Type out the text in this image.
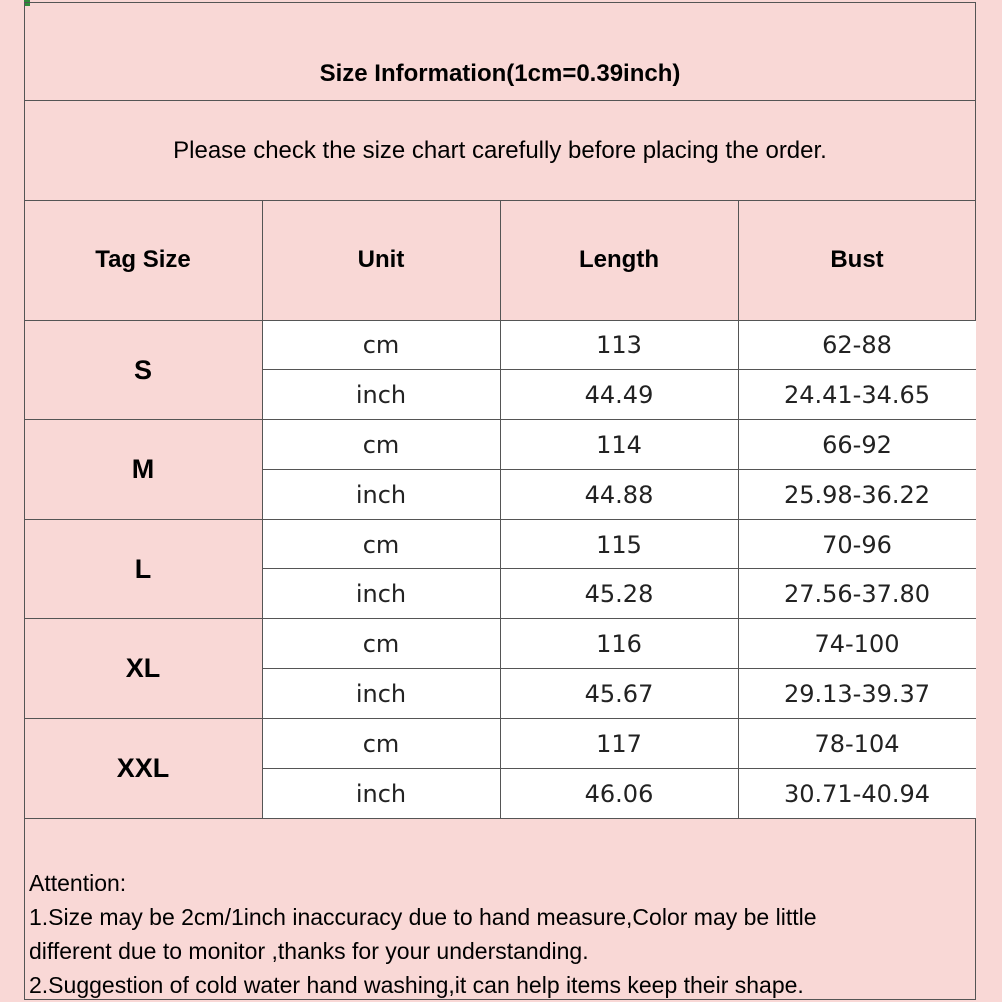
Size Information(1cm=0.39inch)
Please check the size chart carefully before placing the order.
Tag Size	Unit	Length	Bust
S
cm	113	62-88
inch	44.49	24.41-34.65
M
cm	114	66-92
inch	44.88	25.98-36.22
L
cm	115	70-96
inch	45.28	27.56-37.80
XL
cm	116	74-100
inch	45.67	29.13-39.37
XXL
cm	117	78-104
inch	46.06	30.71-40.94
Attention:
1.Size may be 2cm/1inch inaccuracy due to hand measure,Color may be little
different due to monitor ,thanks for your understanding.
2.Suggestion of cold water hand washing,it can help items keep their shape.
